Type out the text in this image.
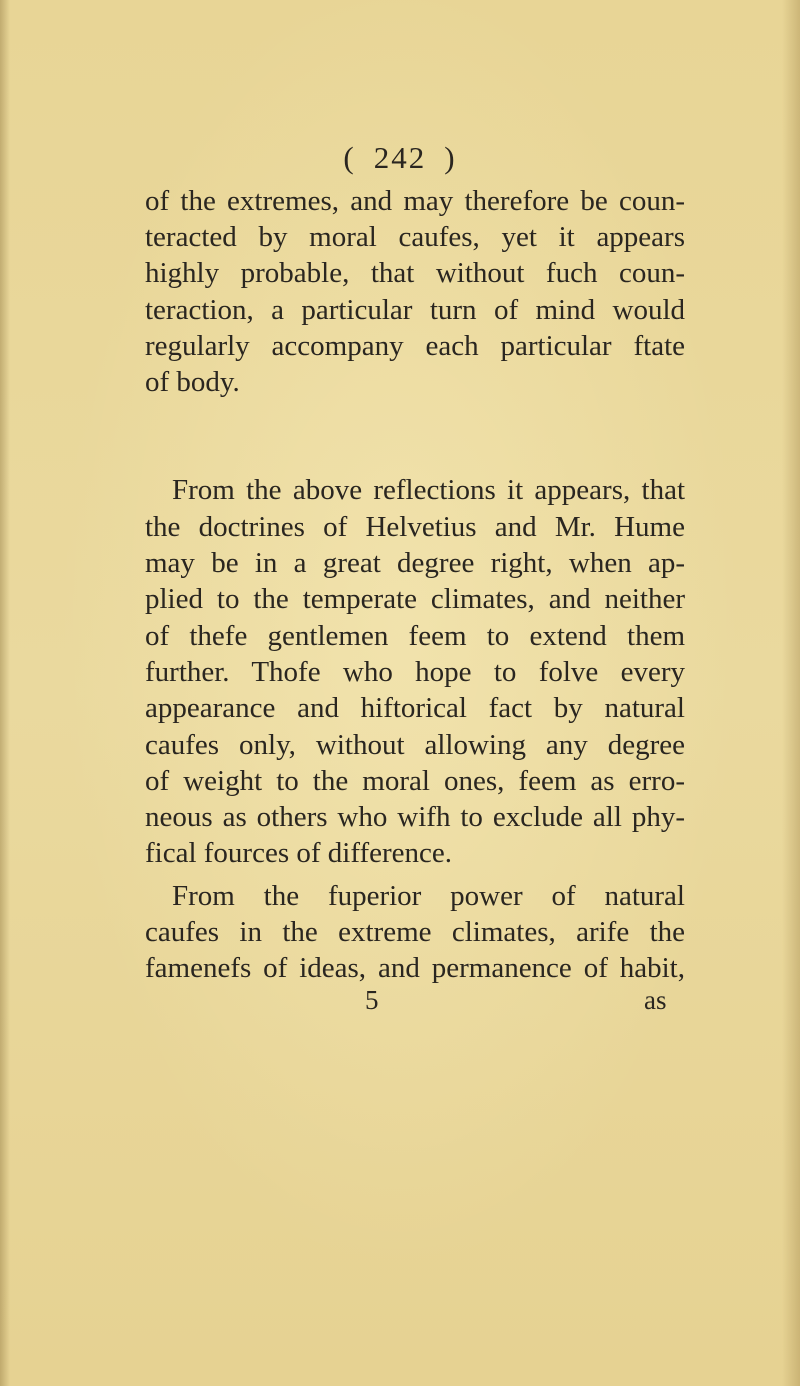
( 242 )
of the extremes, and may therefore be coun-
teracted by moral caufes, yet it appears
highly probable, that without fuch coun-
teraction, a particular turn of mind would
regularly accompany each particular ftate
of body.
From the above reflections it appears, that
the doctrines of Helvetius and Mr. Hume
may be in a great degree right, when ap-
plied to the temperate climates, and neither
of thefe gentlemen feem to extend them
further. Thofe who hope to folve every
appearance and hiftorical fact by natural
caufes only, without allowing any degree
of weight to the moral ones, feem as erro-
neous as others who wifh to exclude all phy-
fical fources of difference.
From the fuperior power of natural
caufes in the extreme climates, arife the
famenefs of ideas, and permanence of habit,
5	as
